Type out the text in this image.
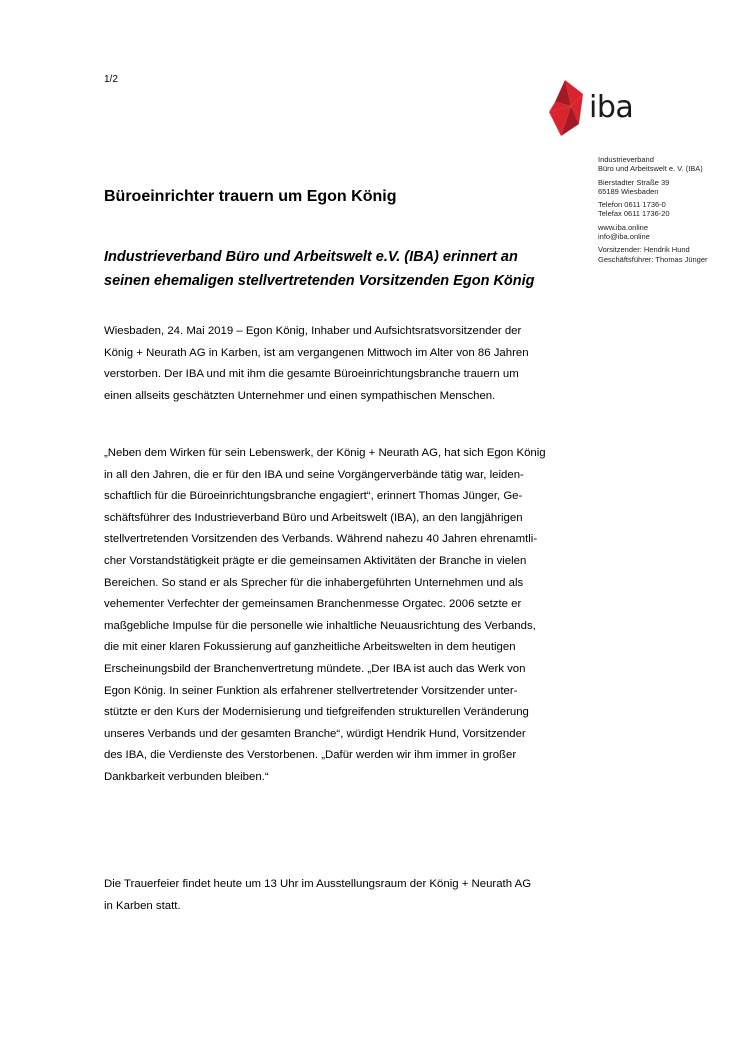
1/2
iba
Industrieverband
Büro und Arbeitswelt e. V. (IBA)
Bierstadter Straße 39
65189 Wiesbaden
Telefon 0611 1736-0
Telefax 0611 1736-20
www.iba.online
info@iba.online
Vorsitzender: Hendrik Hund
Geschäftsführer: Thomas Jünger
Büroeinrichter trauern um Egon König
Industrieverband Büro und Arbeitswelt e.V. (IBA) erinnert an
seinen ehemaligen stellvertretenden Vorsitzenden Egon König
Wiesbaden, 24. Mai 2019 – Egon König, Inhaber und Aufsichtsratsvorsitzender der
König + Neurath AG in Karben, ist am vergangenen Mittwoch im Alter von 86 Jahren
verstorben. Der IBA und mit ihm die gesamte Büroeinrichtungsbranche trauern um
einen allseits geschätzten Unternehmer und einen sympathischen Menschen.
„Neben dem Wirken für sein Lebenswerk, der König + Neurath AG, hat sich Egon König
in all den Jahren, die er für den IBA und seine Vorgängerverbände tätig war, leiden-
schaftlich für die Büroeinrichtungsbranche engagiert“, erinnert Thomas Jünger, Ge-
schäftsführer des Industrieverband Büro und Arbeitswelt (IBA), an den langjährigen
stellvertretenden Vorsitzenden des Verbands. Während nahezu 40 Jahren ehrenamtli-
cher Vorstandstätigkeit prägte er die gemeinsamen Aktivitäten der Branche in vielen
Bereichen. So stand er als Sprecher für die inhabergeführten Unternehmen und als
vehementer Verfechter der gemeinsamen Branchenmesse Orgatec. 2006 setzte er
maßgebliche Impulse für die personelle wie inhaltliche Neuausrichtung des Verbands,
die mit einer klaren Fokussierung auf ganzheitliche Arbeitswelten in dem heutigen
Erscheinungsbild der Branchenvertretung mündete. „Der IBA ist auch das Werk von
Egon König. In seiner Funktion als erfahrener stellvertretender Vorsitzender unter-
stützte er den Kurs der Modernisierung und tiefgreifenden strukturellen Veränderung
unseres Verbands und der gesamten Branche“, würdigt Hendrik Hund, Vorsitzender
des IBA, die Verdienste des Verstorbenen. „Dafür werden wir ihm immer in großer
Dankbarkeit verbunden bleiben.“
Die Trauerfeier findet heute um 13 Uhr im Ausstellungsraum der König + Neurath AG
in Karben statt.
